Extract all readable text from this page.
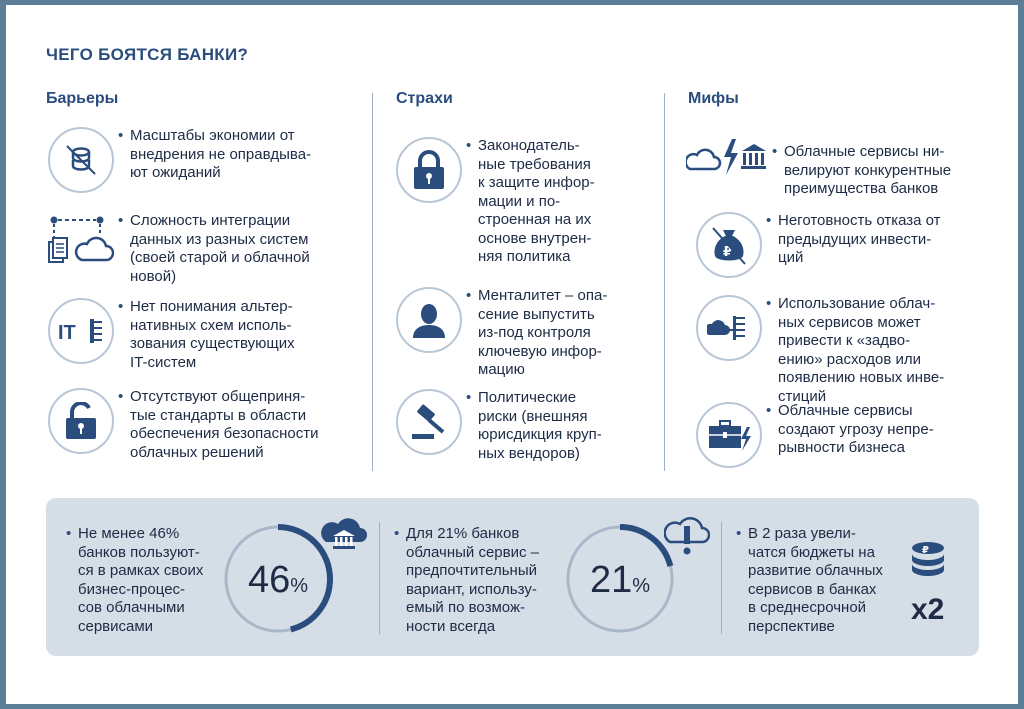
ЧЕГО БОЯТСЯ БАНКИ?
Барьеры
• Масштабы экономии от
внедрения не оправдыва-
ют ожиданий
• Сложность интеграции
данных из разных систем
(своей старой и облачной
новой)
IT
• Нет понимания альтер-
нативных схем исполь-
зования существующих
IT-систем
• Отсутствуют общеприня-
тые стандарты в области
обеспечения безопасности
облачных решений
Страхи
• Законодатель-
ные требования
к защите инфор-
мации и по-
строенная на их
основе внутрен-
няя политика
• Менталитет – опа-
сение выпустить
из-под контроля
ключевую инфор-
мацию
• Политические
риски (внешняя
юрисдикция круп-
ных вендоров)
Мифы
• Облачные сервисы ни-
велируют конкурентные
преимущества банков
₽
• Неготовность отказа от
предыдущих инвести-
ций
• Использование облач-
ных сервисов может
привести к «задво-
ению» расходов или
появлению новых инве-
стиций
• Облачные сервисы
создают угрозу непре-
рывности бизнеса
• Не менее 46%
банков пользуют-
ся в рамках своих
бизнес-процес-
сов облачными
сервисами
46%
• Для 21% банков
облачный сервис –
предпочтительный
вариант, использу-
емый по возмож-
ности всегда
21%
• В 2 раза увели-
чатся бюджеты на
развитие облачных
сервисов в банках
в среднесрочной
перспективе
₽
x2
